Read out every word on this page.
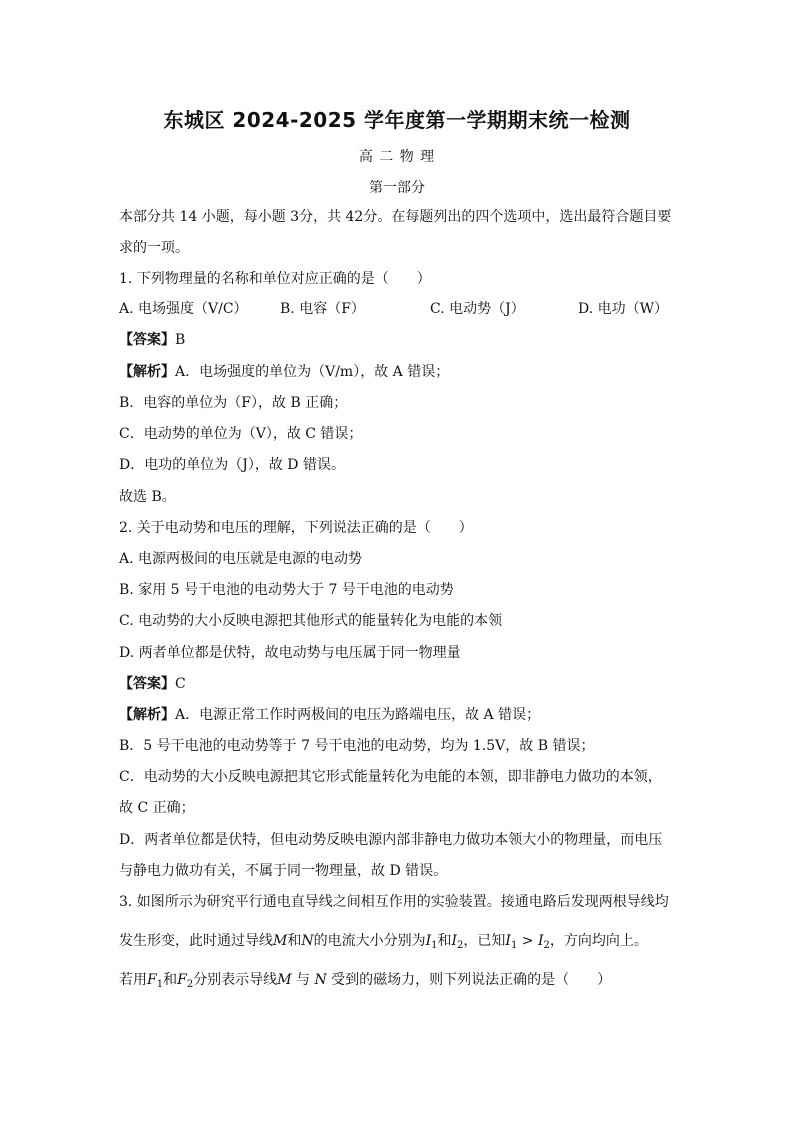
东城区 2024-2025 学年度第一学期期末统一检测
高 二 物 理
第一部分
本部分共 14 小题，每小题 3分，共 42分。在每题列出的四个选项中，选出最符合题目要
求的一项。
1. 下列物理量的名称和单位对应正确的是（　　）
A. 电场强度（V/C） B. 电容（F）	C. 电动势（J）	D. 电功（W）
【答案】B
【解析】A．电场强度的单位为（V/m），故 A 错误；
B．电容的单位为（F），故 B 正确；
C．电动势的单位为（V），故 C 错误；
D．电功的单位为（J），故 D 错误。
故选 B。
2. 关于电动势和电压的理解，下列说法正确的是（　　）
A. 电源两极间的电压就是电源的电动势
B. 家用 5 号干电池的电动势大于 7 号干电池的电动势
C. 电动势的大小反映电源把其他形式的能量转化为电能的本领
D. 两者单位都是伏特，故电动势与电压属于同一物理量
【答案】C
【解析】A．电源正常工作时两极间的电压为路端电压，故 A 错误；
B．5 号干电池的电动势等于 7 号干电池的电动势，均为 1.5V，故 B 错误；
C．电动势的大小反映电源把其它形式能量转化为电能的本领，即非静电力做功的本领，
故 C 正确；
D．两者单位都是伏特，但电动势反映电源内部非静电力做功本领大小的物理量，而电压
与静电力做功有关，不属于同一物理量，故 D 错误。
3. 如图所示为研究平行通电直导线之间相互作用的实验装置。接通电路后发现两根导线均
发生形变，此时通过导线M和N的电流大小分别为$I_1$和$I_2$，已知$I_1 > I_2$，方向均向上。
若用$F_1$和$F_2$分别表示导线M 与 N 受到的磁场力，则下列说法正确的是（　　）
